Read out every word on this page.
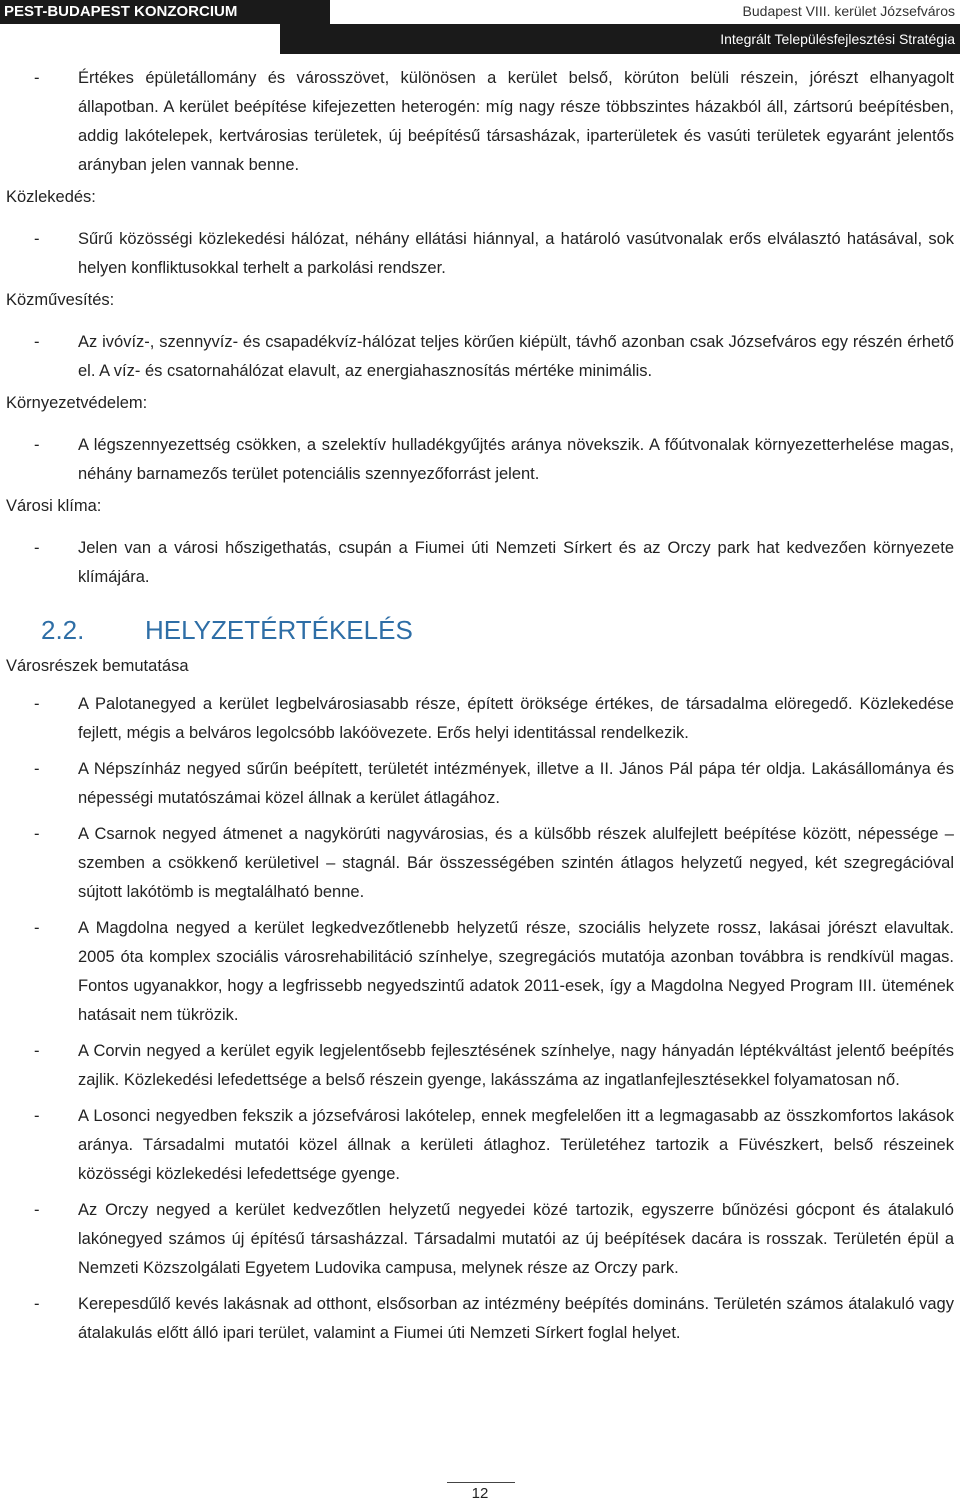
PEST-BUDAPEST KONZORCIUM	Budapest VIII. kerület Józsefváros
Integrált Településfejlesztési Stratégia
- Értékes épületállomány és városszövet, különösen a kerület belső, körúton belüli részein, jórészt elhanyagolt állapotban. A kerület beépítése kifejezetten heterogén: míg nagy része többszintes házakból áll, zártsorú beépítésben, addig lakótelepek, kertvárosias területek, új beépítésű társasházak, iparterületek és vasúti területek egyaránt jelentős arányban jelen vannak benne.
Közlekedés:
- Sűrű közösségi közlekedési hálózat, néhány ellátási hiánnyal, a határoló vasútvonalak erős elválasztó hatásával, sok helyen konfliktusokkal terhelt a parkolási rendszer.
Közművesítés:
- Az ivóvíz-, szennyvíz- és csapadékvíz-hálózat teljes körűen kiépült, távhő azonban csak Józsefváros egy részén érhető el. A víz- és csatornahálózat elavult, az energiahasznosítás mértéke minimális.
Környezetvédelem:
- A légszennyezettség csökken, a szelektív hulladékgyűjtés aránya növekszik. A főútvonalak környezetterhelése magas, néhány barnamezős terület potenciális szennyezőforrást jelent.
Városi klíma:
- Jelen van a városi hőszigethatás, csupán a Fiumei úti Nemzeti Sírkert és az Orczy park hat kedvezően környezete klímájára.
2.2. HELYZETÉRTÉKELÉS
Városrészek bemutatása
- A Palotanegyed a kerület legbelvárosiasabb része, épített öröksége értékes, de társadalma elöregedő. Közlekedése fejlett, mégis a belváros legolcsóbb lakóövezete. Erős helyi identitással rendelkezik.
- A Népszínház negyed sűrűn beépített, területét intézmények, illetve a II. János Pál pápa tér oldja. Lakásállománya és népességi mutatószámai közel állnak a kerület átlagához.
- A Csarnok negyed átmenet a nagykörúti nagyvárosias, és a külsőbb részek alulfejlett beépítése között, népessége – szemben a csökkenő kerületivel – stagnál. Bár összességében szintén átlagos helyzetű negyed, két szegregációval sújtott lakótömb is megtalálható benne.
- A Magdolna negyed a kerület legkedvezőtlenebb helyzetű része, szociális helyzete rossz, lakásai jórészt elavultak. 2005 óta komplex szociális városrehabilitáció színhelye, szegregációs mutatója azonban továbbra is rendkívül magas. Fontos ugyanakkor, hogy a legfrissebb negyedszintű adatok 2011-esek, így a Magdolna Negyed Program III. ütemének hatásait nem tükrözik.
- A Corvin negyed a kerület egyik legjelentősebb fejlesztésének színhelye, nagy hányadán léptékváltást jelentő beépítés zajlik. Közlekedési lefedettsége a belső részein gyenge, lakásszáma az ingatlanfejlesztésekkel folyamatosan nő.
- A Losonci negyedben fekszik a józsefvárosi lakótelep, ennek megfelelően itt a legmagasabb az összkomfortos lakások aránya. Társadalmi mutatói közel állnak a kerületi átlaghoz. Területéhez tartozik a Füvészkert, belső részeinek közösségi közlekedési lefedettsége gyenge.
- Az Orczy negyed a kerület kedvezőtlen helyzetű negyedei közé tartozik, egyszerre bűnözési gócpont és átalakuló lakónegyed számos új építésű társasházzal. Társadalmi mutatói az új beépítések dacára is rosszak. Területén épül a Nemzeti Közszolgálati Egyetem Ludovika campusa, melynek része az Orczy park.
- Kerepesdűlő kevés lakásnak ad otthont, elsősorban az intézmény beépítés domináns. Területén számos átalakuló vagy átalakulás előtt álló ipari terület, valamint a Fiumei úti Nemzeti Sírkert foglal helyet.
12
